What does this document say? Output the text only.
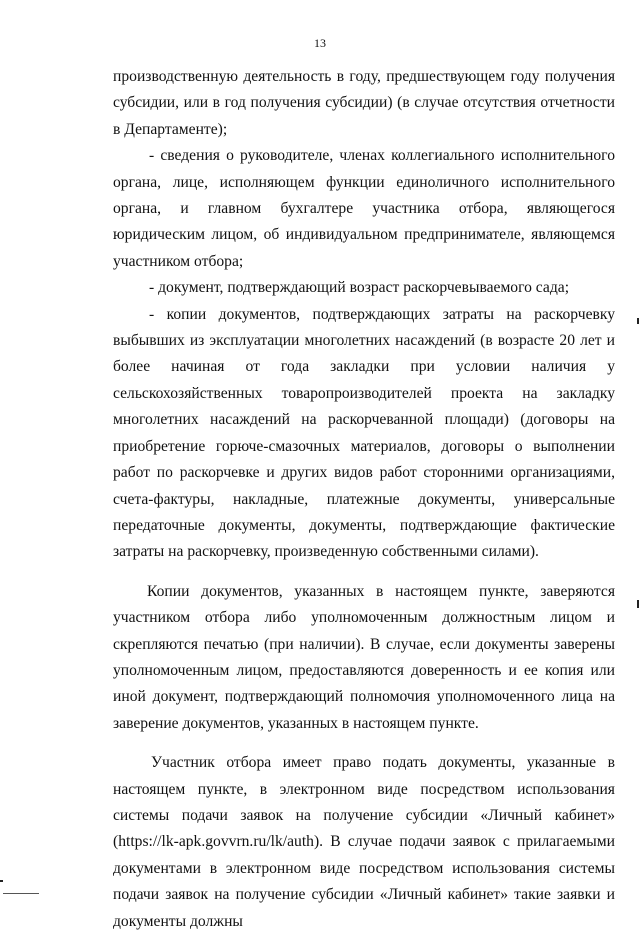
13

производственную деятельность в году, предшествующем году получения субсидии, или в год получения субсидии) (в случае отсутствия отчетности в Департаменте);

- сведения о руководителе, членах коллегиального исполнительного органа, лице, исполняющем функции единоличного исполнительного органа, и главном бухгалтере участника отбора, являющегося юридическим лицом, об индивидуальном предпринимателе, являющемся участником отбора;

- документ, подтверждающий возраст раскорчевываемого сада;

- копии документов, подтверждающих затраты на раскорчевку выбывших из эксплуатации многолетних насаждений (в возрасте 20 лет и более начиная от года закладки при условии наличия у сельскохозяйственных товаропроизводителей проекта на закладку многолетних насаждений на раскорчеванной площади) (договоры на приобретение горюче-смазочных материалов, договоры о выполнении работ по раскорчевке и других видов работ сторонними организациями, счета-фактуры, накладные, платежные документы, универсальные передаточные документы, документы, подтверждающие фактические затраты на раскорчевку, произведенную собственными силами).

Копии документов, указанных в настоящем пункте, заверяются участником отбора либо уполномоченным должностным лицом и скрепляются печатью (при наличии). В случае, если документы заверены уполномоченным лицом, предоставляются доверенность и ее копия или иной документ, подтверждающий полномочия уполномоченного лица на заверение документов, указанных в настоящем пункте.

Участник отбора имеет право подать документы, указанные в настоящем пункте, в электронном виде посредством использования системы подачи заявок на получение субсидии «Личный кабинет» (https://lk-apk.govvrn.ru/lk/auth). В случае подачи заявок с прилагаемыми документами в электронном виде посредством использования системы подачи заявок на получение субсидии «Личный кабинет» такие заявки и документы должны
